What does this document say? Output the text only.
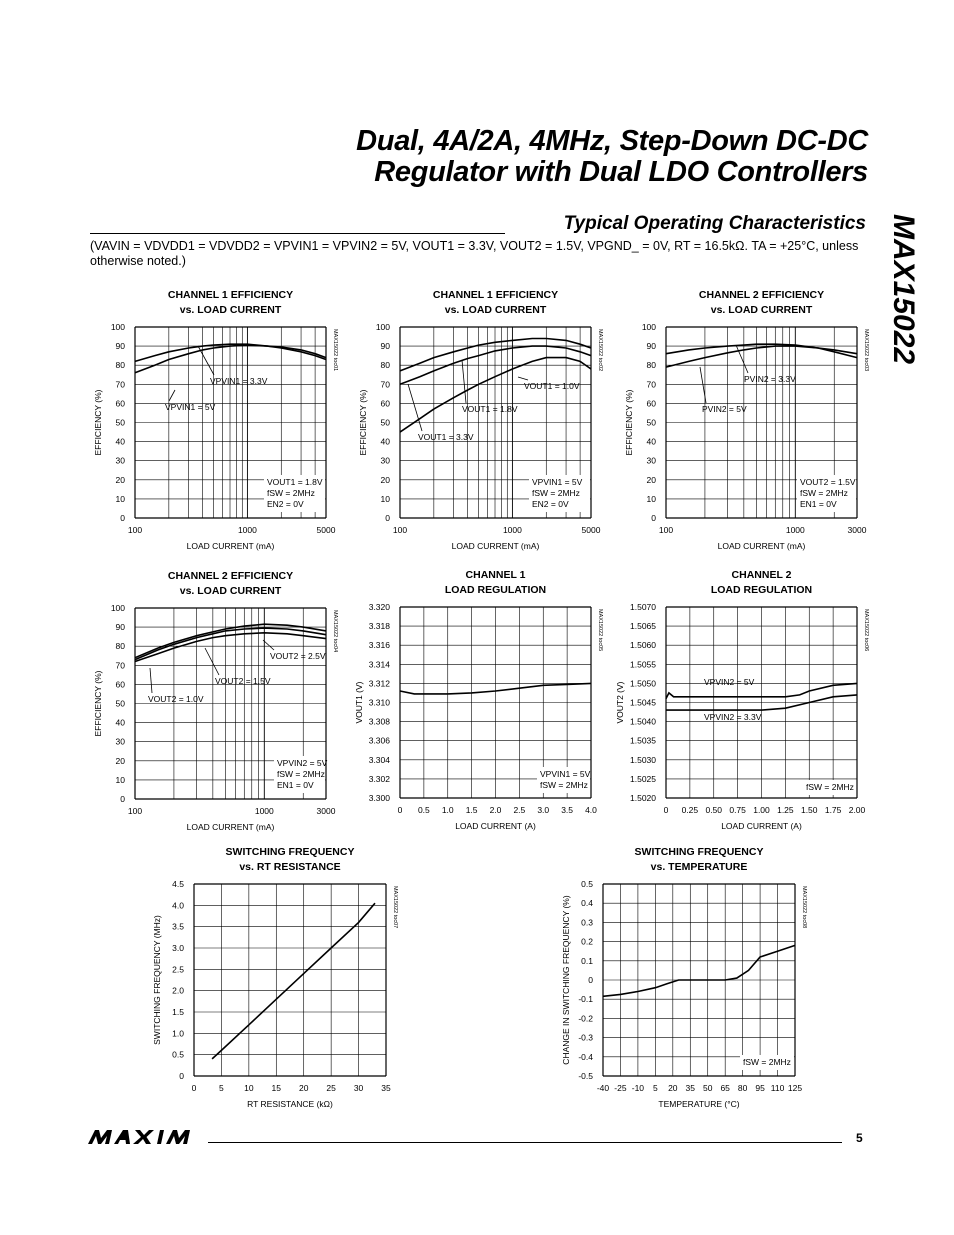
Dual, 4A/2A, 4MHz, Step-Down DC-DC
Regulator with Dual LDO Controllers
MAX15022
Typical Operating Characteristics
(VAVIN = VDVDD1 = VDVDD2 = VPVIN1 = VPVIN2 = 5V, VOUT1 = 3.3V, VOUT2 = 1.5V, VPGND_ = 0V, RT = 16.5kΩ. TA = +25°C, unless otherwise noted.)
CHANNEL 1 EFFICIENCY
vs. LOAD CURRENT
0
10
20
30
40
50
60
70
80
90
100
100	1000	5000
LOAD CURRENT (mA)
EFFICIENCY (%)
MAX15022 toc01
VPVIN1 = 3.3V
VPVIN1 = 5V
VOUT1 = 1.8V
fSW = 2MHz
EN2 = 0V
CHANNEL 1 EFFICIENCY
vs. LOAD CURRENT
0
10
20
30
40
50
60
70
80
90
100
100	1000	5000
LOAD CURRENT (mA)
EFFICIENCY (%)
MAX15022 toc02
VOUT1 = 3.3V
VOUT1 = 1.8V
VOUT1 = 1.0V
VPVIN1 = 5V
fSW = 2MHz
EN2 = 0V
CHANNEL 2 EFFICIENCY
vs. LOAD CURRENT
0
10
20
30
40
50
60
70
80
90
100
100	1000	3000
LOAD CURRENT (mA)
EFFICIENCY (%)
MAX15022 toc03
PVIN2 = 3.3V
PVIN2 = 5V
VOUT2 = 1.5V
fSW = 2MHz
EN1 = 0V
CHANNEL 2 EFFICIENCY
vs. LOAD CURRENT
0
10
20
30
40
50
60
70
80
90
100
100	1000	3000
LOAD CURRENT (mA)
EFFICIENCY (%)
MAX15022 toc04
VOUT2 = 2.5V
VOUT2 = 1.5V
VOUT2 = 1.0V
VPVIN2 = 5V
fSW = 2MHz
EN1 = 0V
CHANNEL 1
LOAD REGULATION
3.300
3.302
3.304
3.306
3.308
3.310
3.312
3.314
3.316
3.318
3.320
0 0.5 1.0 1.5 2.0 2.5 3.0 3.5 4.0
LOAD CURRENT (A)
VOUT1 (V)
MAX15022 toc05
VPVIN1 = 5V
fSW = 2MHz
CHANNEL 2
LOAD REGULATION
1.5020
1.5025
1.5030
1.5035
1.5040
1.5045
1.5050
1.5055
1.5060
1.5065
1.5070
0 0.25 0.50 0.75 1.00 1.25 1.50 1.75 2.00
LOAD CURRENT (A)
VOUT2 (V)
MAX15022 toc06
VPVIN2 = 5V
VPVIN2 = 3.3V
fSW = 2MHz
SWITCHING FREQUENCY
vs. RT RESISTANCE
0
0.5
1.0
1.5
2.0
2.5
3.0
3.5
4.0
4.5
0	5 10 15 20 25 30 35
RT RESISTANCE (kΩ)
SWITCHING FREQUENCY (MHz)
MAX15022 toc07
SWITCHING FREQUENCY
vs. TEMPERATURE
-0.5
-0.4
-0.3
-0.2
-0.1
0
0.1
0.2
0.3
0.4
0.5
-40 -25 -10 5 20 35 50 65 80 95 110 125
TEMPERATURE (°C)
CHANGE IN SWITCHING FREQUENCY (%)	MAX15022 toc08
fSW = 2MHz
5
